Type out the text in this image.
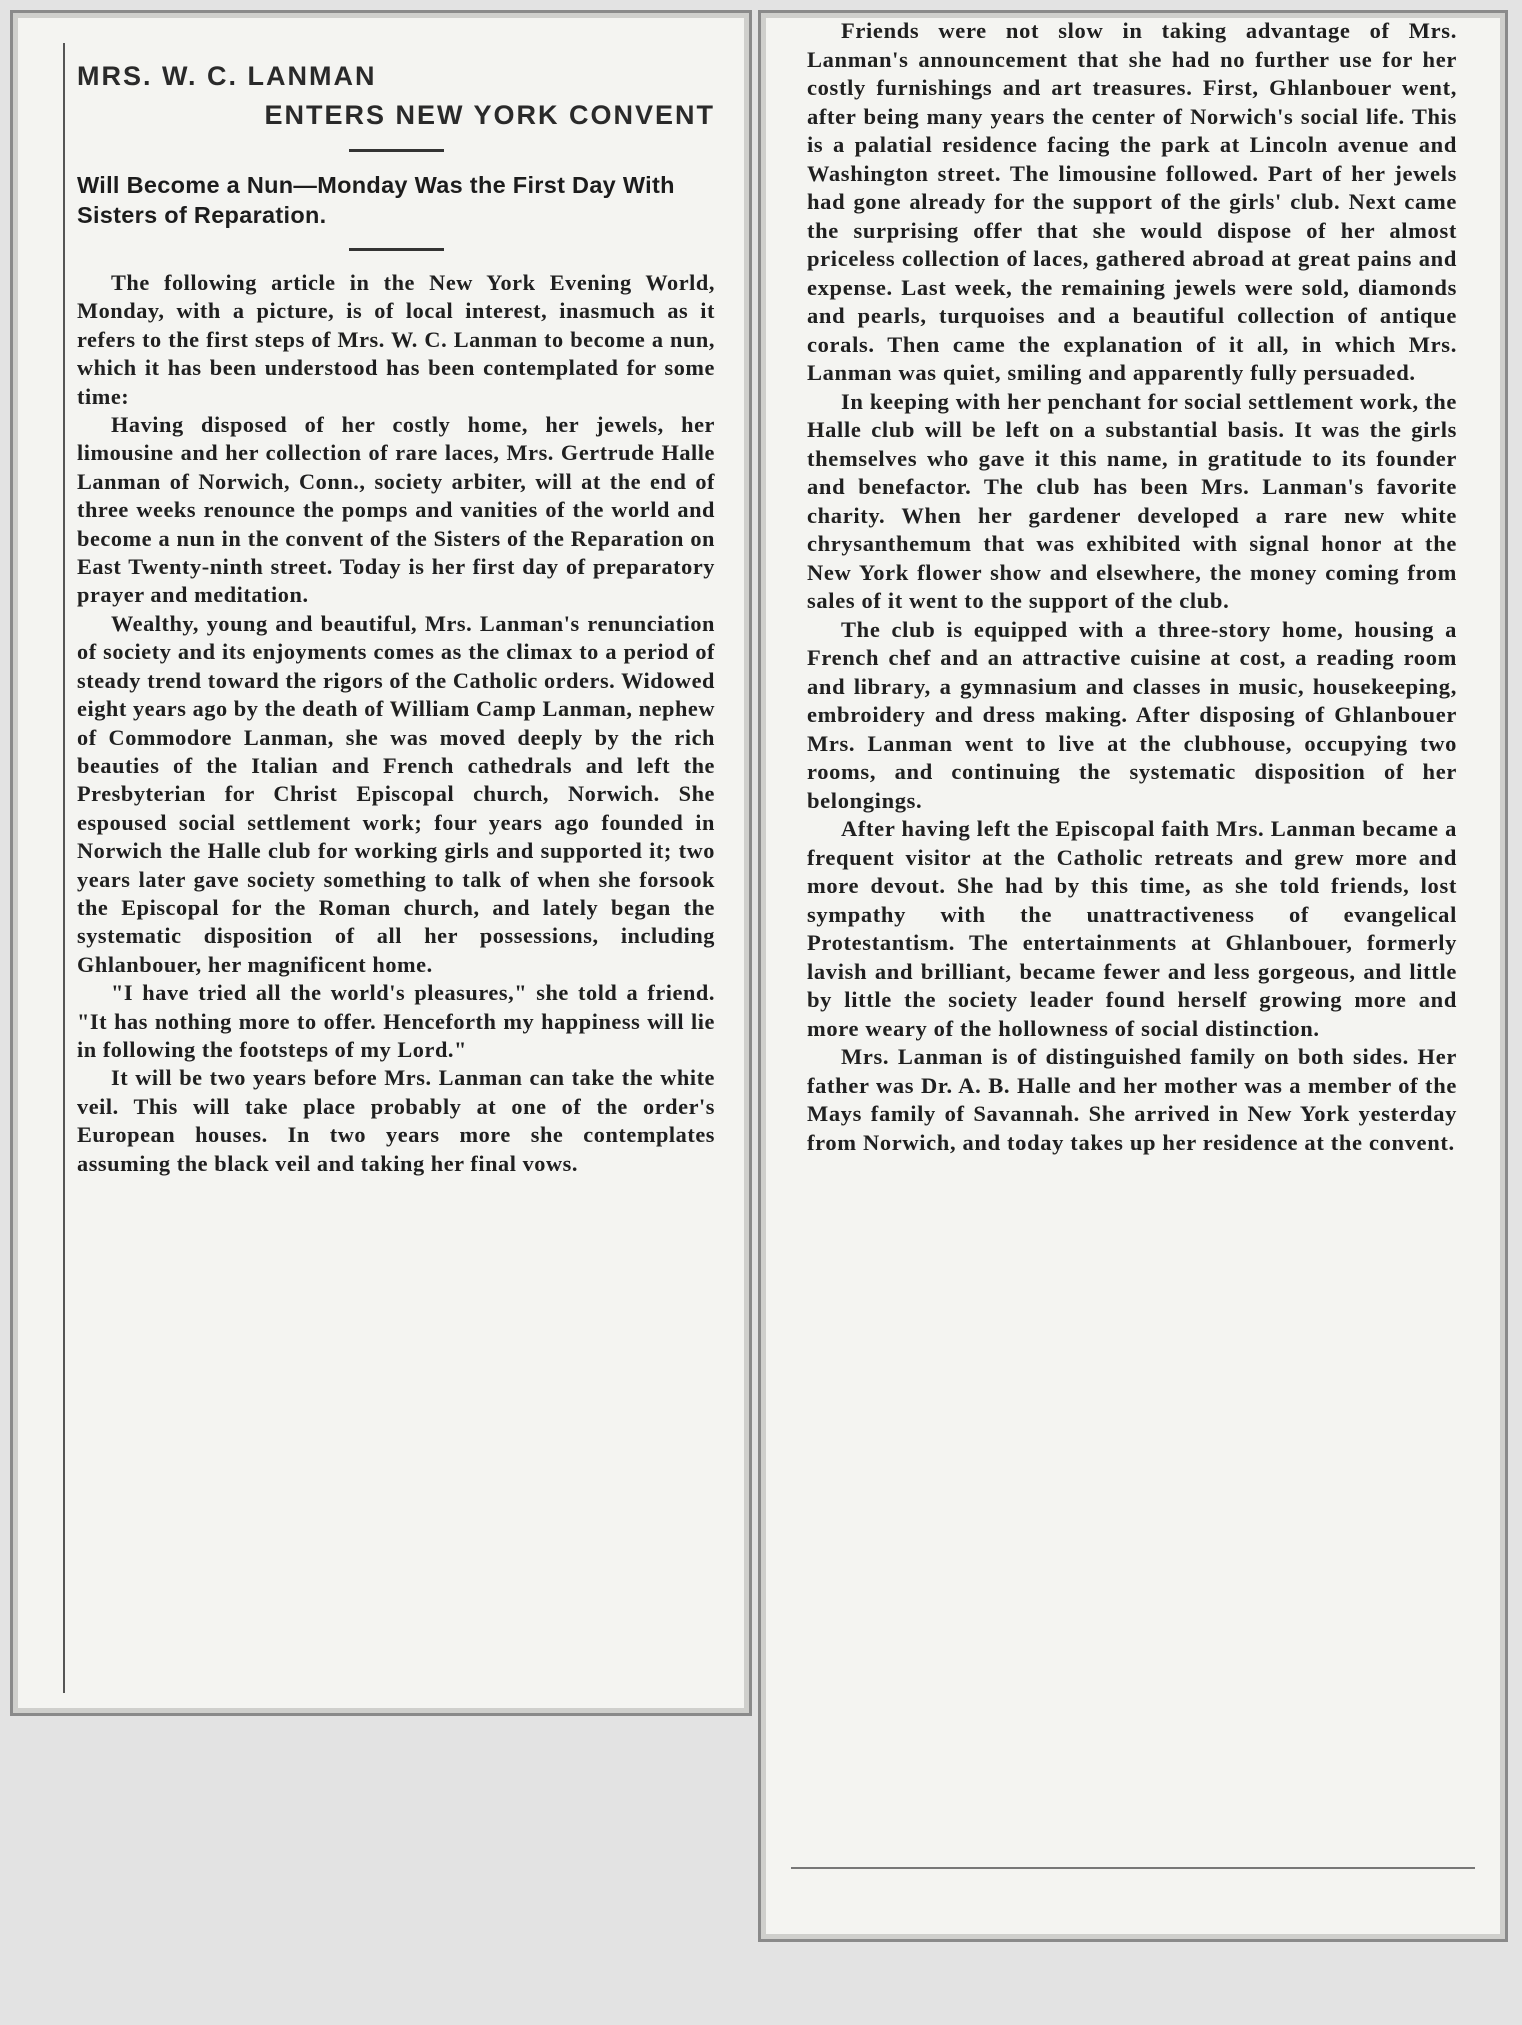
MRS. W. C. LANMAN
ENTERS NEW YORK CONVENT

Will Become a Nun—Monday Was the First Day With Sisters of Reparation.

The following article in the New York Evening World, Monday, with a picture, is of local interest, inasmuch as it refers to the first steps of Mrs. W. C. Lanman to become a nun, which it has been understood has been contemplated for some time:

Having disposed of her costly home, her jewels, her limousine and her collection of rare laces, Mrs. Gertrude Halle Lanman of Norwich, Conn., society arbiter, will at the end of three weeks renounce the pomps and vanities of the world and become a nun in the convent of the Sisters of the Reparation on East Twenty-ninth street. Today is her first day of preparatory prayer and meditation.

Wealthy, young and beautiful, Mrs. Lanman's renunciation of society and its enjoyments comes as the climax to a period of steady trend toward the rigors of the Catholic orders. Widowed eight years ago by the death of William Camp Lanman, nephew of Commodore Lanman, she was moved deeply by the rich beauties of the Italian and French cathedrals and left the Presbyterian for Christ Episcopal church, Norwich. She espoused social settlement work; four years ago founded in Norwich the Halle club for working girls and supported it; two years later gave society something to talk of when she forsook the Episcopal for the Roman church, and lately began the systematic disposition of all her possessions, including Ghlanbouer, her magnificent home.

"I have tried all the world's pleasures," she told a friend. "It has nothing more to offer. Henceforth my happiness will lie in following the footsteps of my Lord."

It will be two years before Mrs. Lanman can take the white veil. This will take place probably at one of the order's European houses. In two years more she contemplates assuming the black veil and taking her final vows.

Friends were not slow in taking advantage of Mrs. Lanman's announcement that she had no further use for her costly furnishings and art treasures. First, Ghlanbouer went, after being many years the center of Norwich's social life. This is a palatial residence facing the park at Lincoln avenue and Washington street. The limousine followed. Part of her jewels had gone already for the support of the girls' club. Next came the surprising offer that she would dispose of her almost priceless collection of laces, gathered abroad at great pains and expense. Last week, the remaining jewels were sold, diamonds and pearls, turquoises and a beautiful collection of antique corals. Then came the explanation of it all, in which Mrs. Lanman was quiet, smiling and apparently fully persuaded.

In keeping with her penchant for social settlement work, the Halle club will be left on a substantial basis. It was the girls themselves who gave it this name, in gratitude to its founder and benefactor. The club has been Mrs. Lanman's favorite charity. When her gardener developed a rare new white chrysanthemum that was exhibited with signal honor at the New York flower show and elsewhere, the money coming from sales of it went to the support of the club.

The club is equipped with a three-story home, housing a French chef and an attractive cuisine at cost, a reading room and library, a gymnasium and classes in music, housekeeping, embroidery and dress making. After disposing of Ghlanbouer Mrs. Lanman went to live at the clubhouse, occupying two rooms, and continuing the systematic disposition of her belongings.

After having left the Episcopal faith Mrs. Lanman became a frequent visitor at the Catholic retreats and grew more and more devout. She had by this time, as she told friends, lost sympathy with the unattractiveness of evangelical Protestantism. The entertainments at Ghlanbouer, formerly lavish and brilliant, became fewer and less gorgeous, and little by little the society leader found herself growing more and more weary of the hollowness of social distinction.

Mrs. Lanman is of distinguished family on both sides. Her father was Dr. A. B. Halle and her mother was a member of the Mays family of Savannah. She arrived in New York yesterday from Norwich, and today takes up her residence at the convent.
